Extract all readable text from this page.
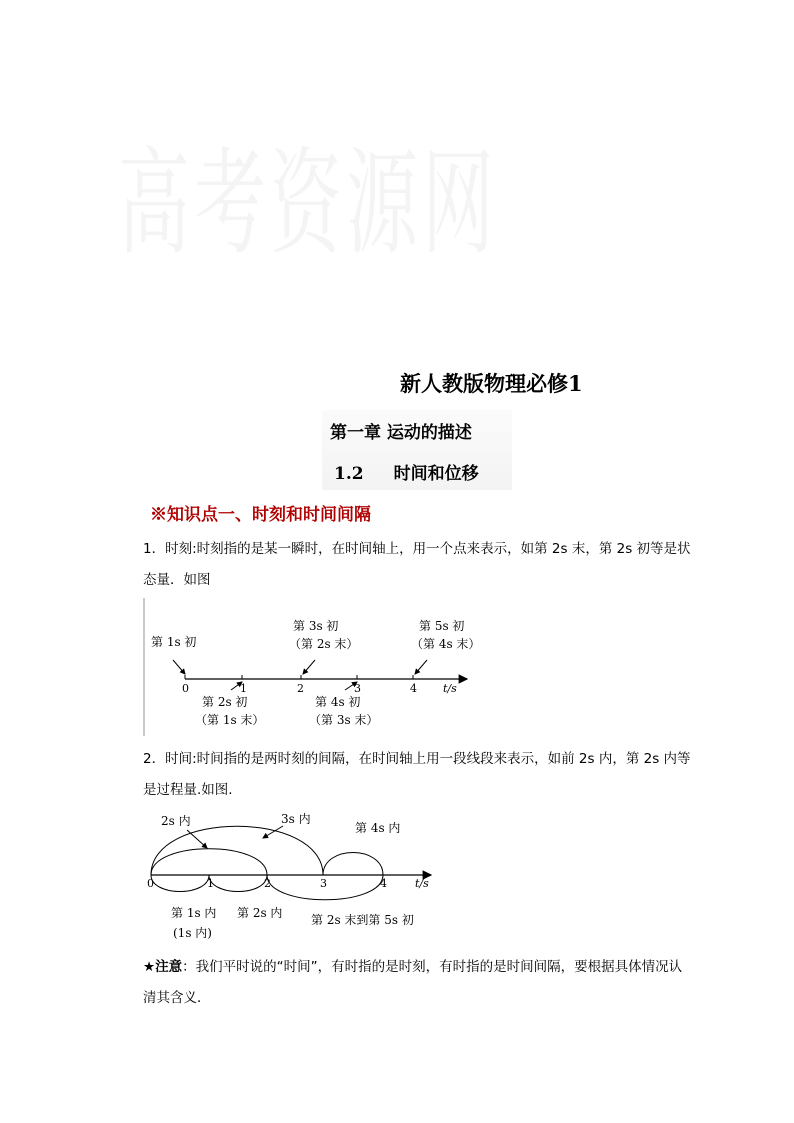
高考资源网
新人教版物理必修1
第一章 运动的描述
1.2 时间和位移
※知识点一、时刻和时间间隔
1．时刻:时刻指的是某一瞬时，在时间轴上，用一个点来表示，如第 2s 末，第 2s 初等是状态量．如图
0	1	2	3	4 t/s
第 1s 初
第 3s 初
（第 2s 末）
第 5s 初
（第 4s 末）
第 2s 初
（第 1s 末）
第 4s 初
（第 3s 末）
2．时间:时间指的是两时刻的间隔，在时间轴上用一段线段来表示，如前 2s 内，第 2s 内等是过程量.如图.
0	1	2	3	4	t/s
2s 内	3s 内
第 4s 内
第 1s 内
(1s 内)
第 2s 内 第 2s 末到第 5s 初
★注意：我们平时说的“时间”，有时指的是时刻，有时指的是时间间隔，要根据具体情况认清其含义．
